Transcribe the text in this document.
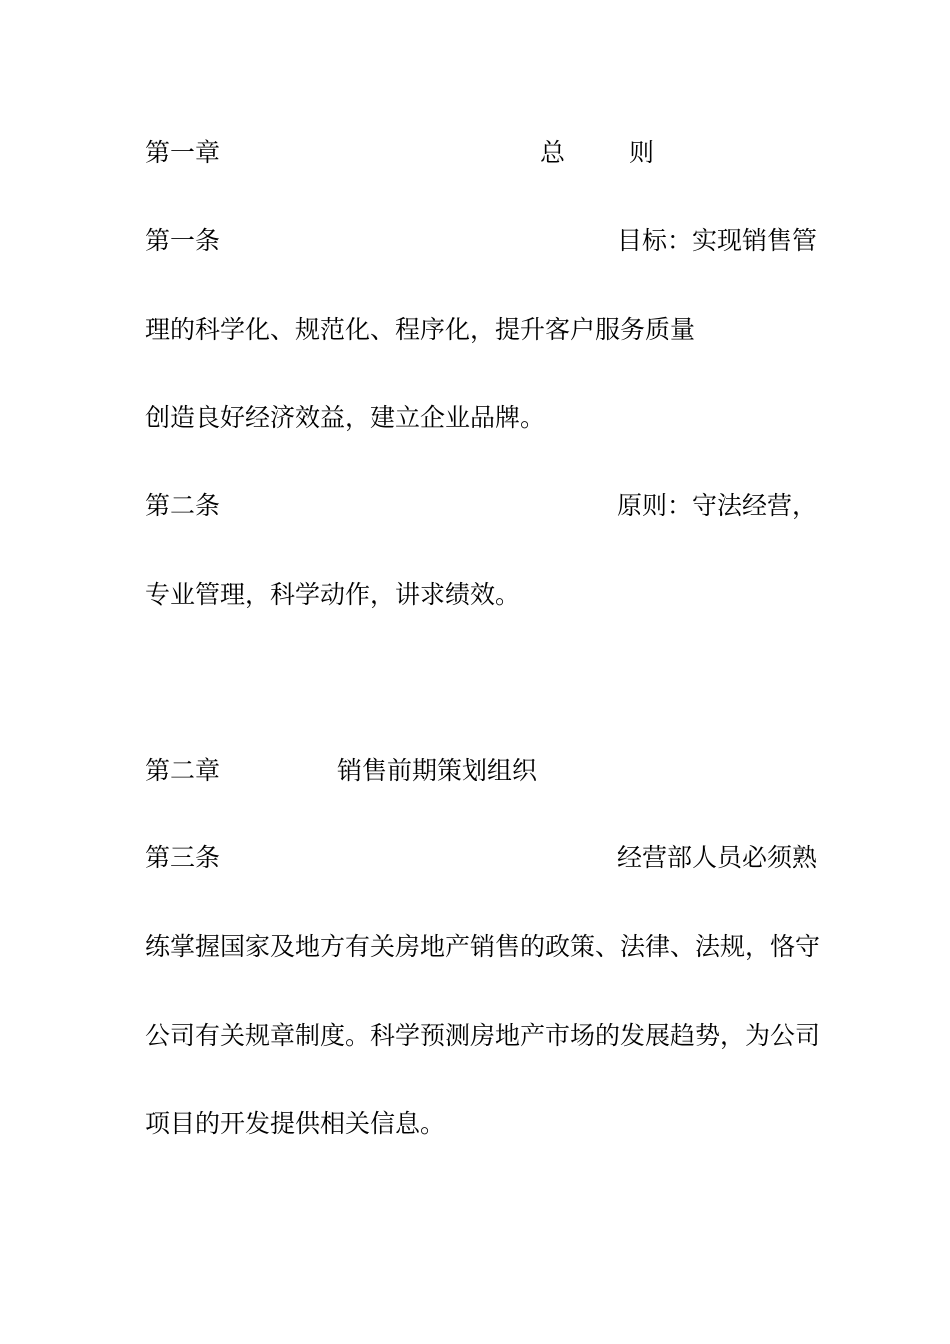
第一章	总	则
第一条	目标：实现销售管
理的科学化、规范化、程序化，提升客户服务质量
创造良好经济效益，建立企业品牌。
第二条	原则：守法经营，
专业管理，科学动作，讲求绩效。
第二章	销售前期策划组织
第三条	经营部人员必须熟
练掌握国家及地方有关房地产销售的政策、法律、法规，恪守
公司有关规章制度。科学预测房地产市场的发展趋势，为公司
项目的开发提供相关信息。
